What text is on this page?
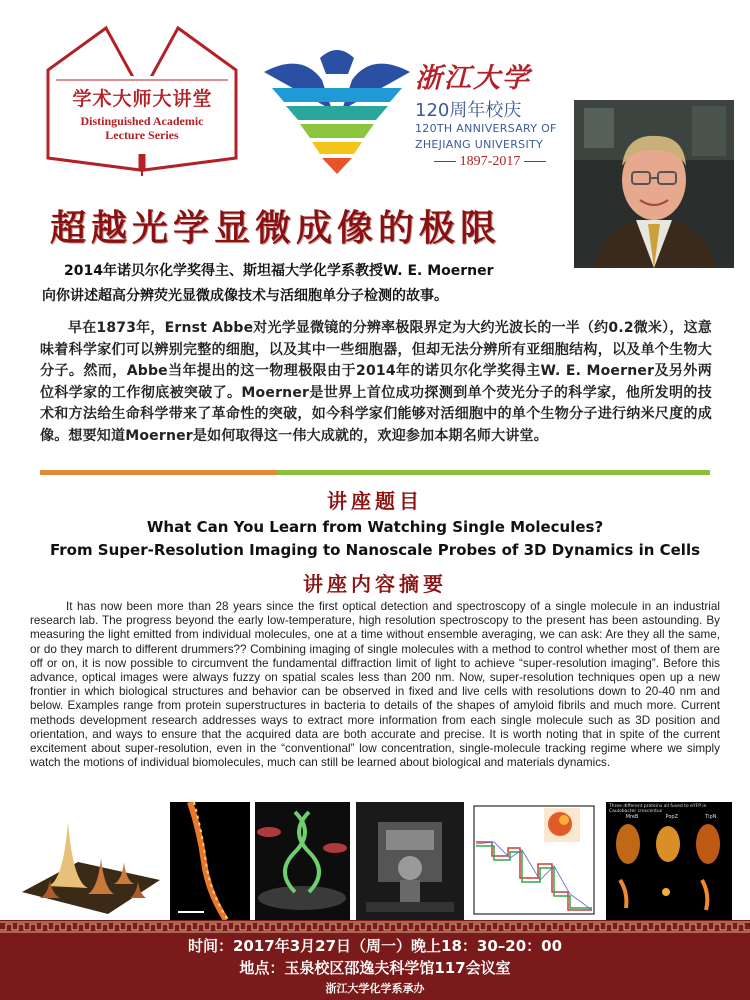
学术大师大讲堂
Distinguished Academic
Lecture Series
浙江大学
120周年校庆
120TH ANNIVERSARY OF
ZHEJIANG UNIVERSITY
1897-2017
超越光学显微成像的极限
2014年诺贝尔化学奖得主、斯坦福大学化学系教授W. E. Moerner
向你讲述超高分辨荧光显微成像技术与活细胞单分子检测的故事。
早在1873年，Ernst Abbe对光学显微镜的分辨率极限界定为大约光波长的一半（约0.2微米），这意味着科学家们可以辨别完整的细胞，以及其中一些细胞器，但却无法分辨所有亚细胞结构，以及单个生物大分子。然而，Abbe当年提出的这一物理极限由于2014年的诺贝尔化学奖得主W. E. Moerner及另外两位科学家的工作彻底被突破了。Moerner是世界上首位成功探测到单个荧光分子的科学家，他所发明的技术和方法给生命科学带来了革命性的突破，如今科学家们能够对活细胞中的单个生物分子进行纳米尺度的成像。想要知道Moerner是如何取得这一伟大成就的，欢迎参加本期名师大讲堂。
讲座题目
What Can You Learn from Watching Single Molecules?
From Super-Resolution Imaging to Nanoscale Probes of 3D Dynamics in Cells
讲座内容摘要
It has now been more than 28 years since the first optical detection and spectroscopy of a single molecule in an industrial research lab. The progress beyond the early low-temperature, high resolution spectroscopy to the present has been astounding. By measuring the light emitted from individual molecules, one at a time without ensemble averaging, we can ask: Are they all the same, or do they march to different drummers?? Combining imaging of single molecules with a method to control whether most of them are off or on, it is now possible to circumvent the fundamental diffraction limit of light to achieve “super-resolution imaging”. Before this advance, optical images were always fuzzy on spatial scales less than 200 nm. Now, super-resolution techniques open up a new frontier in which biological structures and behavior can be observed in fixed and live cells with resolutions down to 20-40 nm and below. Examples range from protein superstructures in bacteria to details of the shapes of amyloid fibrils and much more. Current methods development research addresses ways to extract more information from each single molecule such as 3D position and orientation, and ways to ensure that the acquired data are both accurate and precise. It is worth noting that in spite of the current excitement about super-resolution, even in the “conventional” low concentration, single-molecule tracking regime where we simply watch the motions of individual biomolecules, much can still be learned about biological and materials dynamics.
Three different proteins all fused to eYFP in Caulobacter crescentus
MreB	PopZ	TipN
时间：2017年3月27日（周一）晚上18：30–20：00
地点：玉泉校区邵逸夫科学馆117会议室
浙江大学化学系承办
